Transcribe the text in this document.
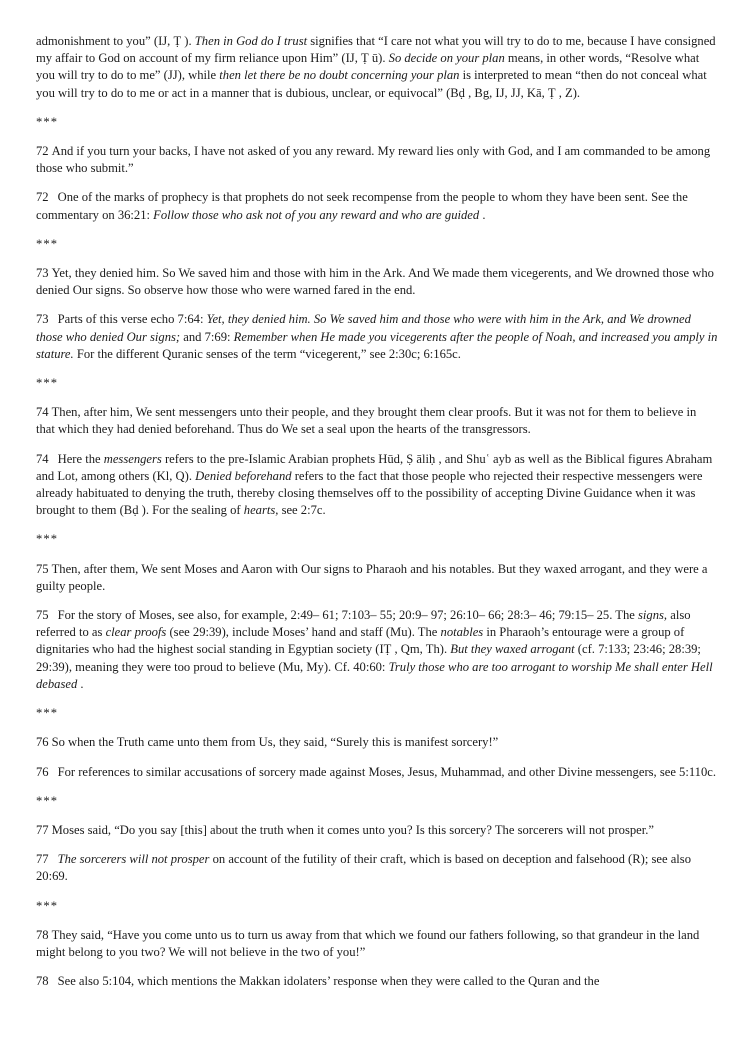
admonishment to you” (IJ, Ṭ ). Then in God do I trust signifies that “I care not what you will try to do to me, because I have consigned my affair to God on account of my firm reliance upon Him” (IJ, Ṭ ū). So decide on your plan means, in other words, “Resolve what you will try to do to me” (JJ), while then let there be no doubt concerning your plan is interpreted to mean “then do not conceal what you will try to do to me or act in a manner that is dubious, unclear, or equivocal” (Bḍ , Bg, IJ, JJ, Kā, Ṭ , Z).

***

72 And if you turn your backs, I have not asked of you any reward. My reward lies only with God, and I am commanded to be among those who submit.”

72 One of the marks of prophecy is that prophets do not seek recompense from the people to whom they have been sent. See the commentary on 36:21: Follow those who ask not of you any reward and who are guided .

***

73 Yet, they denied him. So We saved him and those with him in the Ark. And We made them vicegerents, and We drowned those who denied Our signs. So observe how those who were warned fared in the end.

73 Parts of this verse echo 7:64: Yet, they denied him. So We saved him and those who were with him in the Ark, and We drowned those who denied Our signs; and 7:69: Remember when He made you vicegerents after the people of Noah, and increased you amply in stature. For the different Quranic senses of the term “vicegerent,” see 2:30c; 6:165c.

***

74 Then, after him, We sent messengers unto their people, and they brought them clear proofs. But it was not for them to believe in that which they had denied beforehand. Thus do We set a seal upon the hearts of the transgressors.

74 Here the messengers refers to the pre-Islamic Arabian prophets Hūd, Ṣ āliḥ , and Shuʿ ayb as well as the Biblical figures Abraham and Lot, among others (Kl, Q). Denied beforehand refers to the fact that those people who rejected their respective messengers were already habituated to denying the truth, thereby closing themselves off to the possibility of accepting Divine Guidance when it was brought to them (Bḍ ). For the sealing of hearts, see 2:7c.

***

75 Then, after them, We sent Moses and Aaron with Our signs to Pharaoh and his notables. But they waxed arrogant, and they were a guilty people.

75 For the story of Moses, see also, for example, 2:49– 61; 7:103– 55; 20:9– 97; 26:10– 66; 28:3– 46; 79:15– 25. The signs, also referred to as clear proofs (see 29:39), include Moses’ hand and staff (Mu). The notables in Pharaoh’s entourage were a group of dignitaries who had the highest social standing in Egyptian society (IṬ , Qm, Th). But they waxed arrogant (cf. 7:133; 23:46; 28:39; 29:39), meaning they were too proud to believe (Mu, My). Cf. 40:60: Truly those who are too arrogant to worship Me shall enter Hell debased .

***

76 So when the Truth came unto them from Us, they said, “Surely this is manifest sorcery!”

76 For references to similar accusations of sorcery made against Moses, Jesus, Muhammad, and other Divine messengers, see 5:110c.

***

77 Moses said, “Do you say [this] about the truth when it comes unto you? Is this sorcery? The sorcerers will not prosper.”

77 The sorcerers will not prosper on account of the futility of their craft, which is based on deception and falsehood (R); see also 20:69.

***

78 They said, “Have you come unto us to turn us away from that which we found our fathers following, so that grandeur in the land might belong to you two? We will not believe in the two of you!”

78 See also 5:104, which mentions the Makkan idolaters’ response when they were called to the Quran and the
